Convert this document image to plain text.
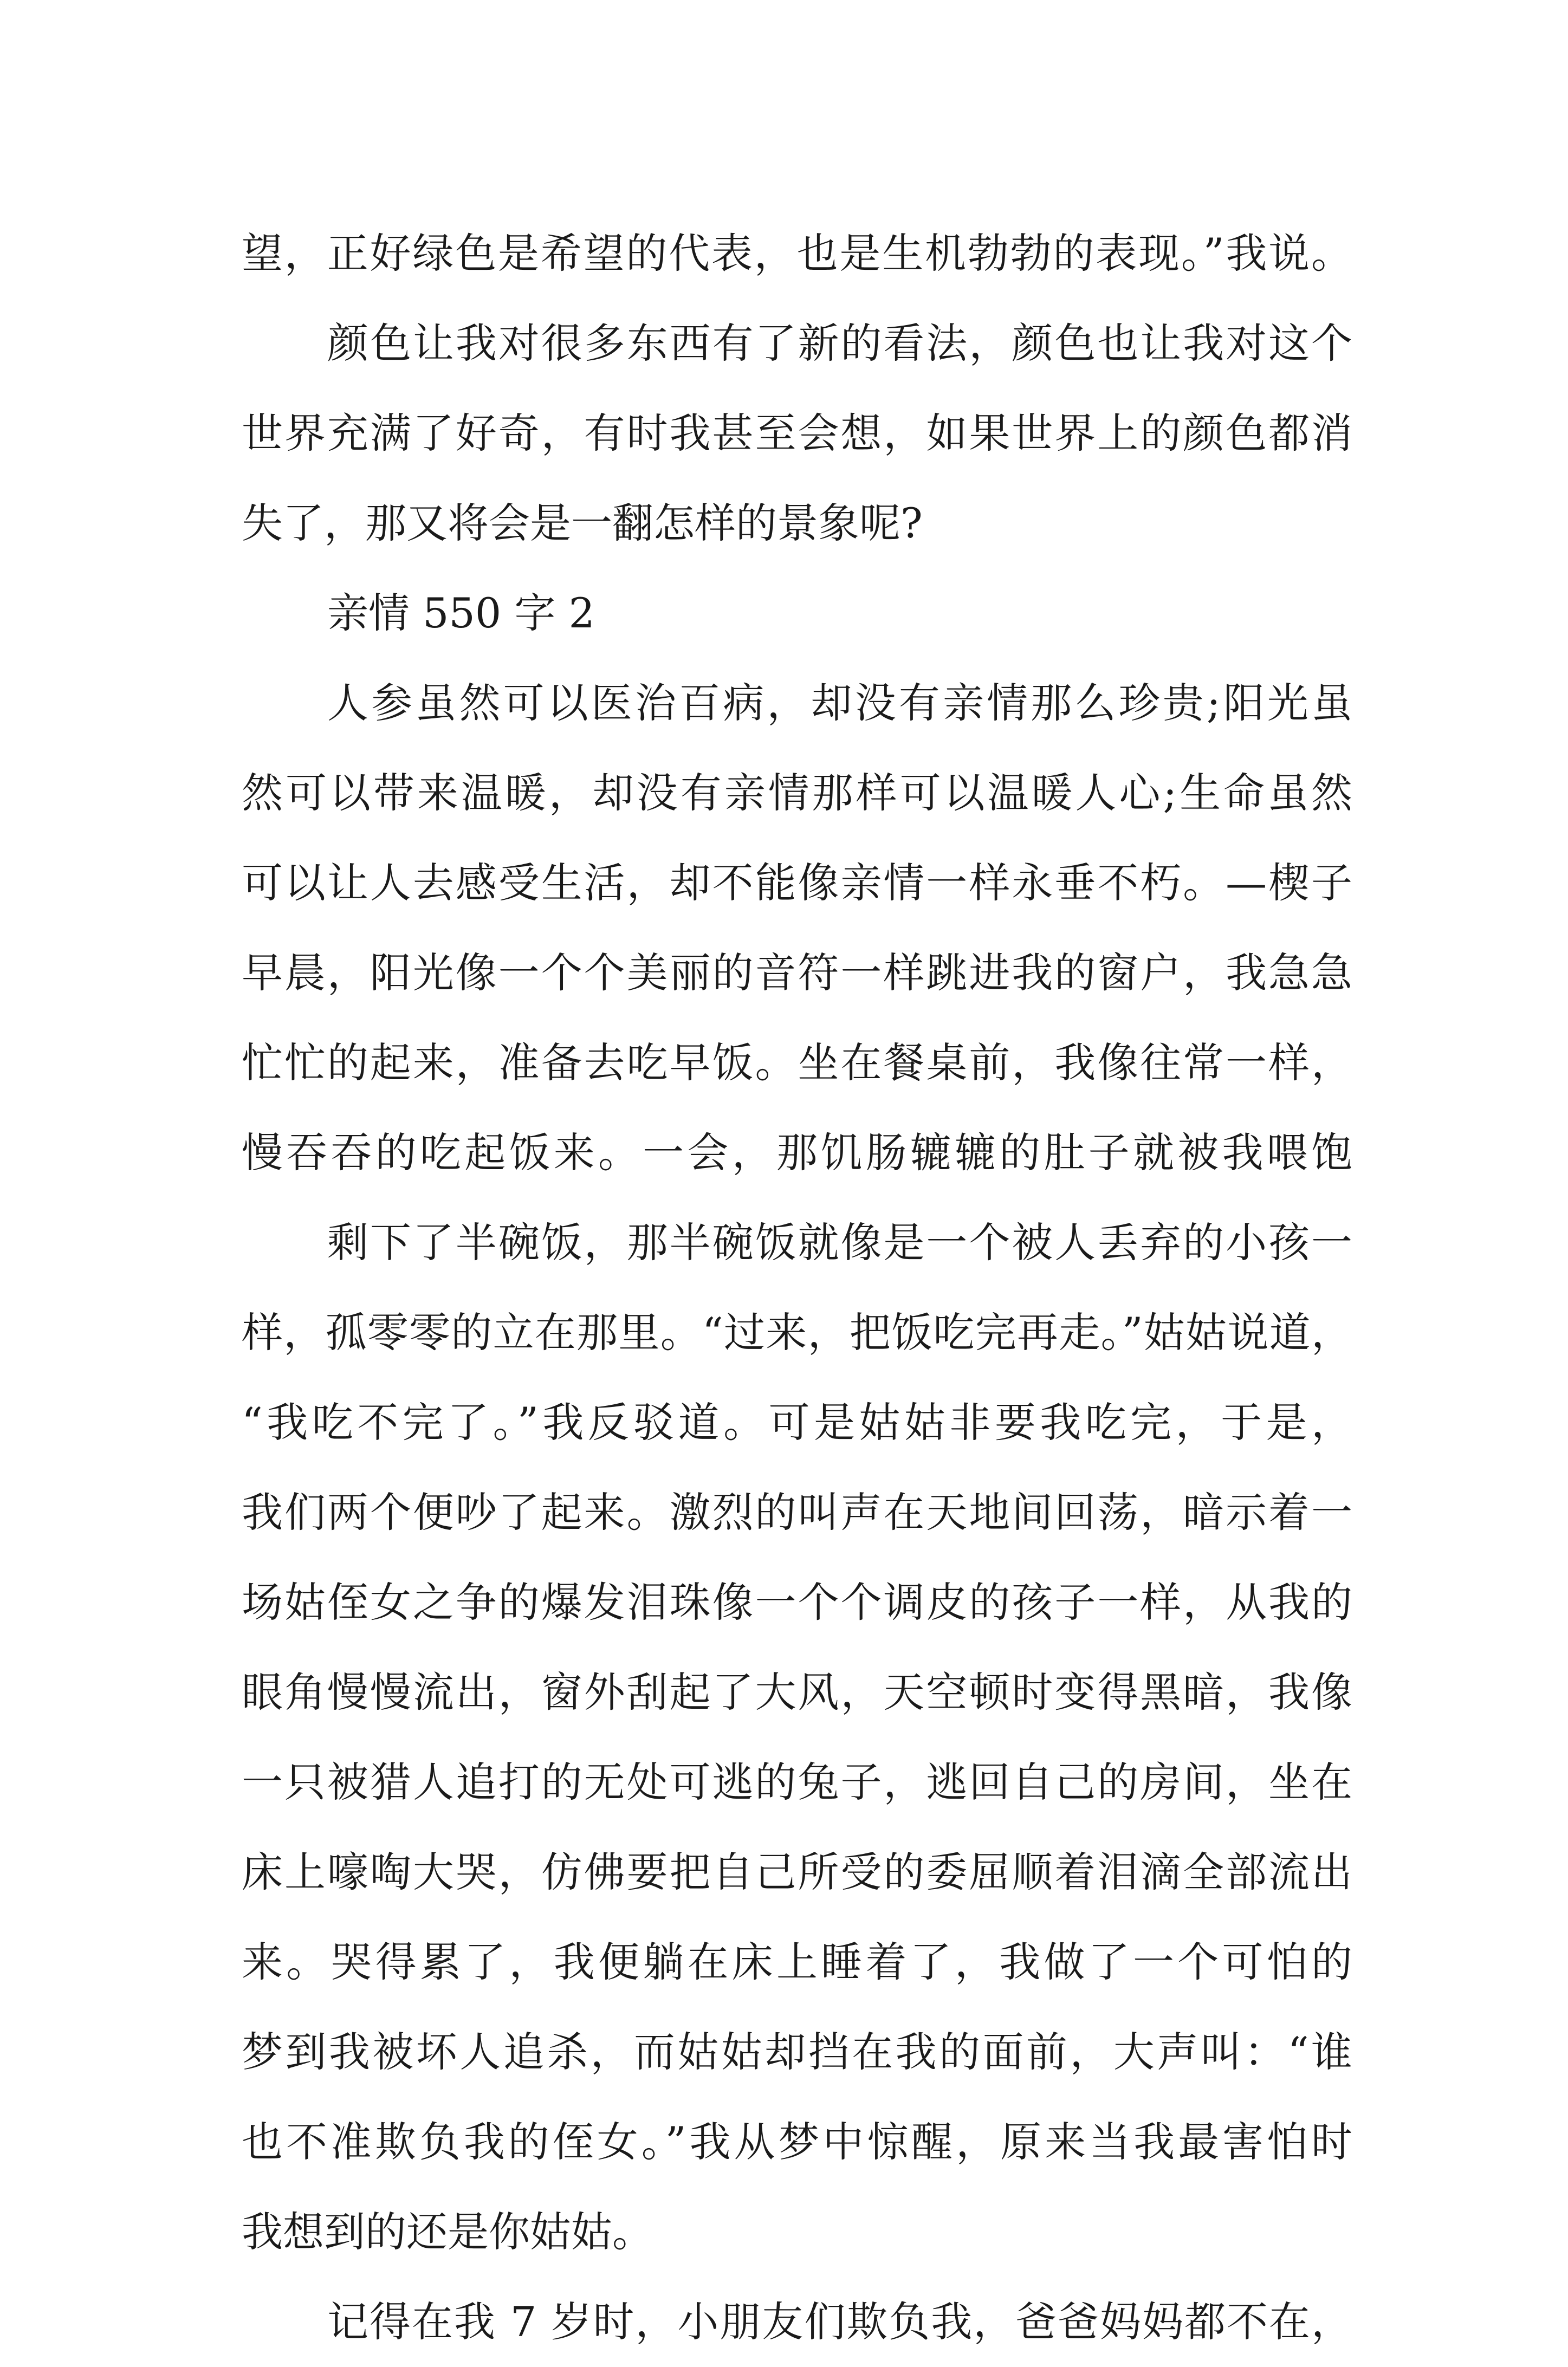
望，正好绿色是希望的代表，也是生机勃勃的表现。”我说。
颜色让我对很多东西有了新的看法，颜色也让我对这个
世界充满了好奇，有时我甚至会想，如果世界上的颜色都消
失了，那又将会是一翻怎样的景象呢?
亲情 550 字 2
人参虽然可以医治百病，却没有亲情那么珍贵;阳光虽
然可以带来温暖，却没有亲情那样可以温暖人心;生命虽然
可以让人去感受生活，却不能像亲情一样永垂不朽。—楔子
早晨，阳光像一个个美丽的音符一样跳进我的窗户，我急急
忙忙的起来，准备去吃早饭。坐在餐桌前，我像往常一样，
慢吞吞的吃起饭来。一会，那饥肠辘辘的肚子就被我喂饱
剩下了半碗饭，那半碗饭就像是一个被人丢弃的小孩一
样，孤零零的立在那里。“过来，把饭吃完再走。”姑姑说道，
“我吃不完了。”我反驳道。可是姑姑非要我吃完，于是，
我们两个便吵了起来。激烈的叫声在天地间回荡，暗示着一
场姑侄女之争的爆发泪珠像一个个调皮的孩子一样，从我的
眼角慢慢流出，窗外刮起了大风，天空顿时变得黑暗，我像
一只被猎人追打的无处可逃的兔子，逃回自己的房间，坐在
床上嚎啕大哭，仿佛要把自己所受的委屈顺着泪滴全部流出
来。哭得累了，我便躺在床上睡着了，我做了一个可怕的
梦到我被坏人追杀，而姑姑却挡在我的面前，大声叫：“谁
也不准欺负我的侄女。”我从梦中惊醒，原来当我最害怕时
我想到的还是你姑姑。
记得在我 7 岁时，小朋友们欺负我，爸爸妈妈都不在，
